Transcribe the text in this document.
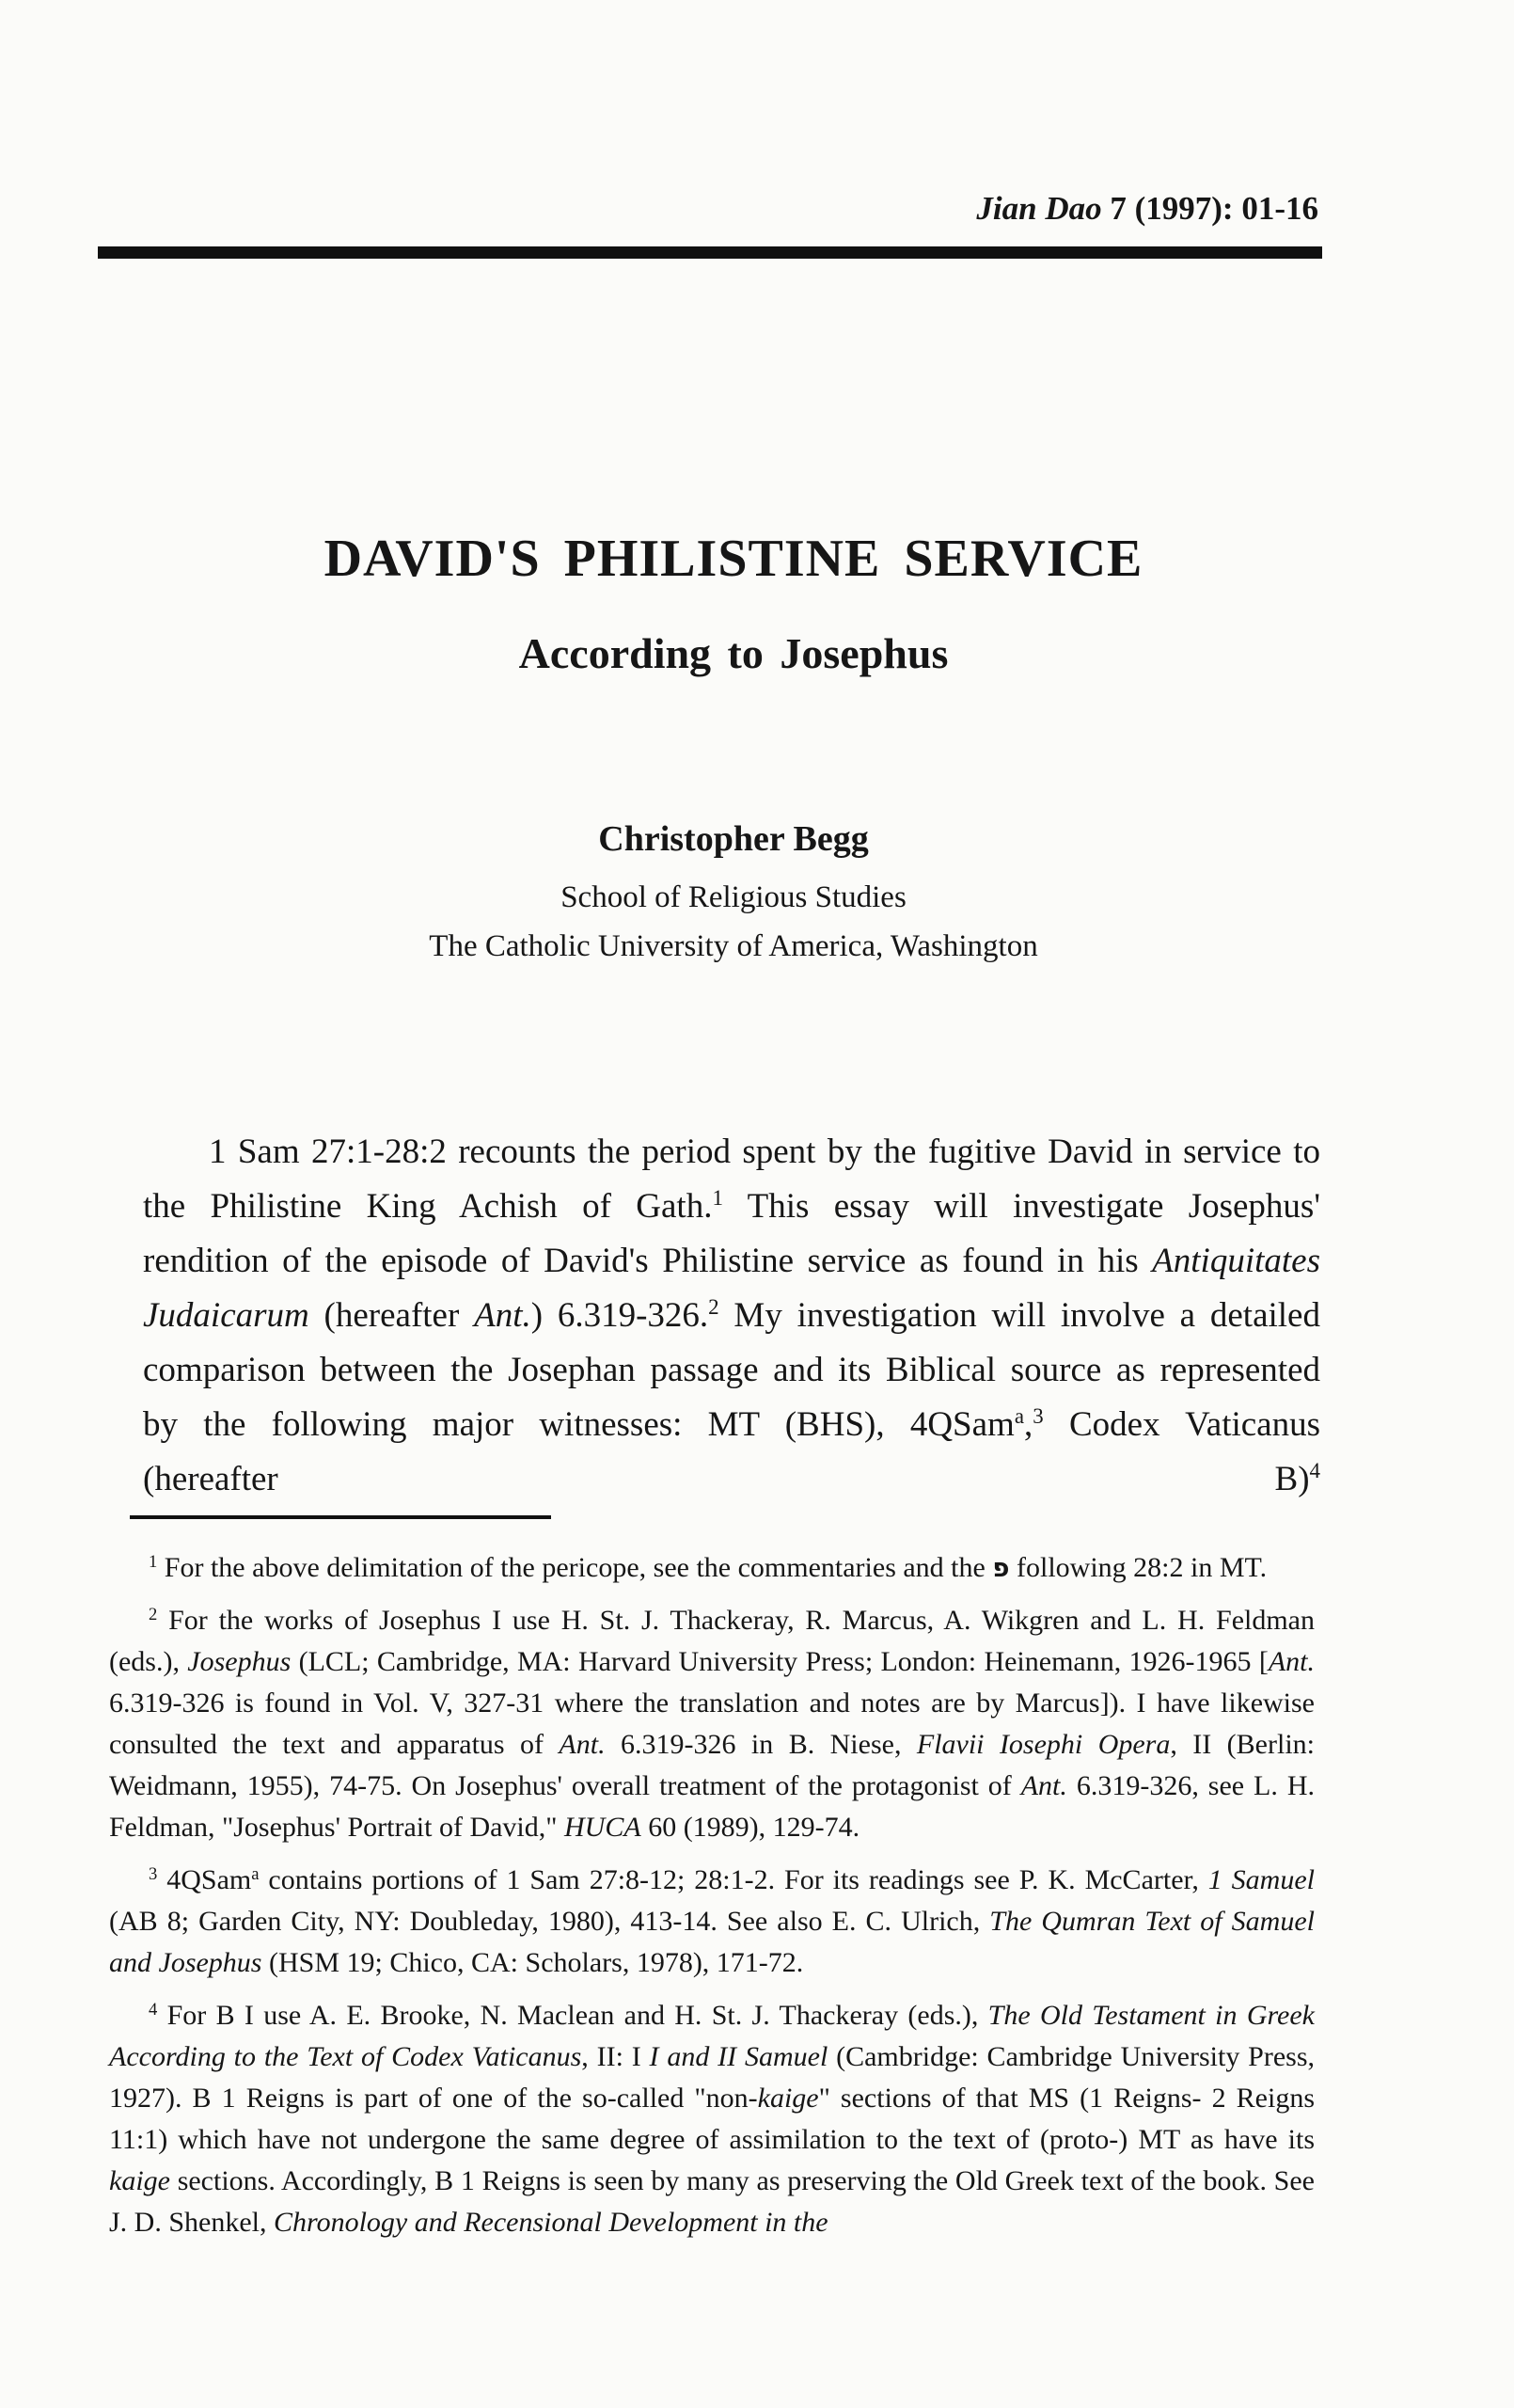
Jian Dao 7 (1997): 01-16
DAVID'S PHILISTINE SERVICE
According to Josephus

Christopher Begg

School of Religious Studies

The Catholic University of America, Washington

1 Sam 27:1-28:2 recounts the period spent by the fugitive David in service to the Philistine King Achish of Gath.$^1$ This essay will investigate Josephus' rendition of the episode of David's Philistine service as found in his Antiquitates Judaicarum (hereafter Ant.) 6.319-326.$^2$ My investigation will involve a detailed comparison between the Josephan passage and its Biblical source as represented by the following major witnesses: MT (BHS), 4QSam$^a$,$^3$ Codex Vaticanus (hereafter B)$^4$

$^1$ For the above delimitation of the pericope, see the commentaries and the פ following 28:2 in MT.

$^2$ For the works of Josephus I use H. St. J. Thackeray, R. Marcus, A. Wikgren and L. H. Feldman (eds.), Josephus (LCL; Cambridge, MA: Harvard University Press; London: Heinemann, 1926-1965 [Ant. 6.319-326 is found in Vol. V, 327-31 where the translation and notes are by Marcus]). I have likewise consulted the text and apparatus of Ant. 6.319-326 in B. Niese, Flavii Iosephi Opera, II (Berlin: Weidmann, 1955), 74-75. On Josephus' overall treatment of the protagonist of Ant. 6.319-326, see L. H. Feldman, "Josephus' Portrait of David," HUCA 60 (1989), 129-74.

$^3$ 4QSam$^a$ contains portions of 1 Sam 27:8-12; 28:1-2. For its readings see P. K. McCarter, 1 Samuel (AB 8; Garden City, NY: Doubleday, 1980), 413-14. See also E. C. Ulrich, The Qumran Text of Samuel and Josephus (HSM 19; Chico, CA: Scholars, 1978), 171-72.

$^4$ For B I use A. E. Brooke, N. Maclean and H. St. J. Thackeray (eds.), The Old Testament in Greek According to the Text of Codex Vaticanus, II: I I and II Samuel (Cambridge: Cambridge University Press, 1927). B 1 Reigns is part of one of the so-called "non-kaige" sections of that MS (1 Reigns- 2 Reigns 11:1) which have not undergone the same degree of assimilation to the text of (proto-) MT as have its kaige sections. Accordingly, B 1 Reigns is seen by many as preserving the Old Greek text of the book. See J. D. Shenkel, Chronology and Recensional Development in the
